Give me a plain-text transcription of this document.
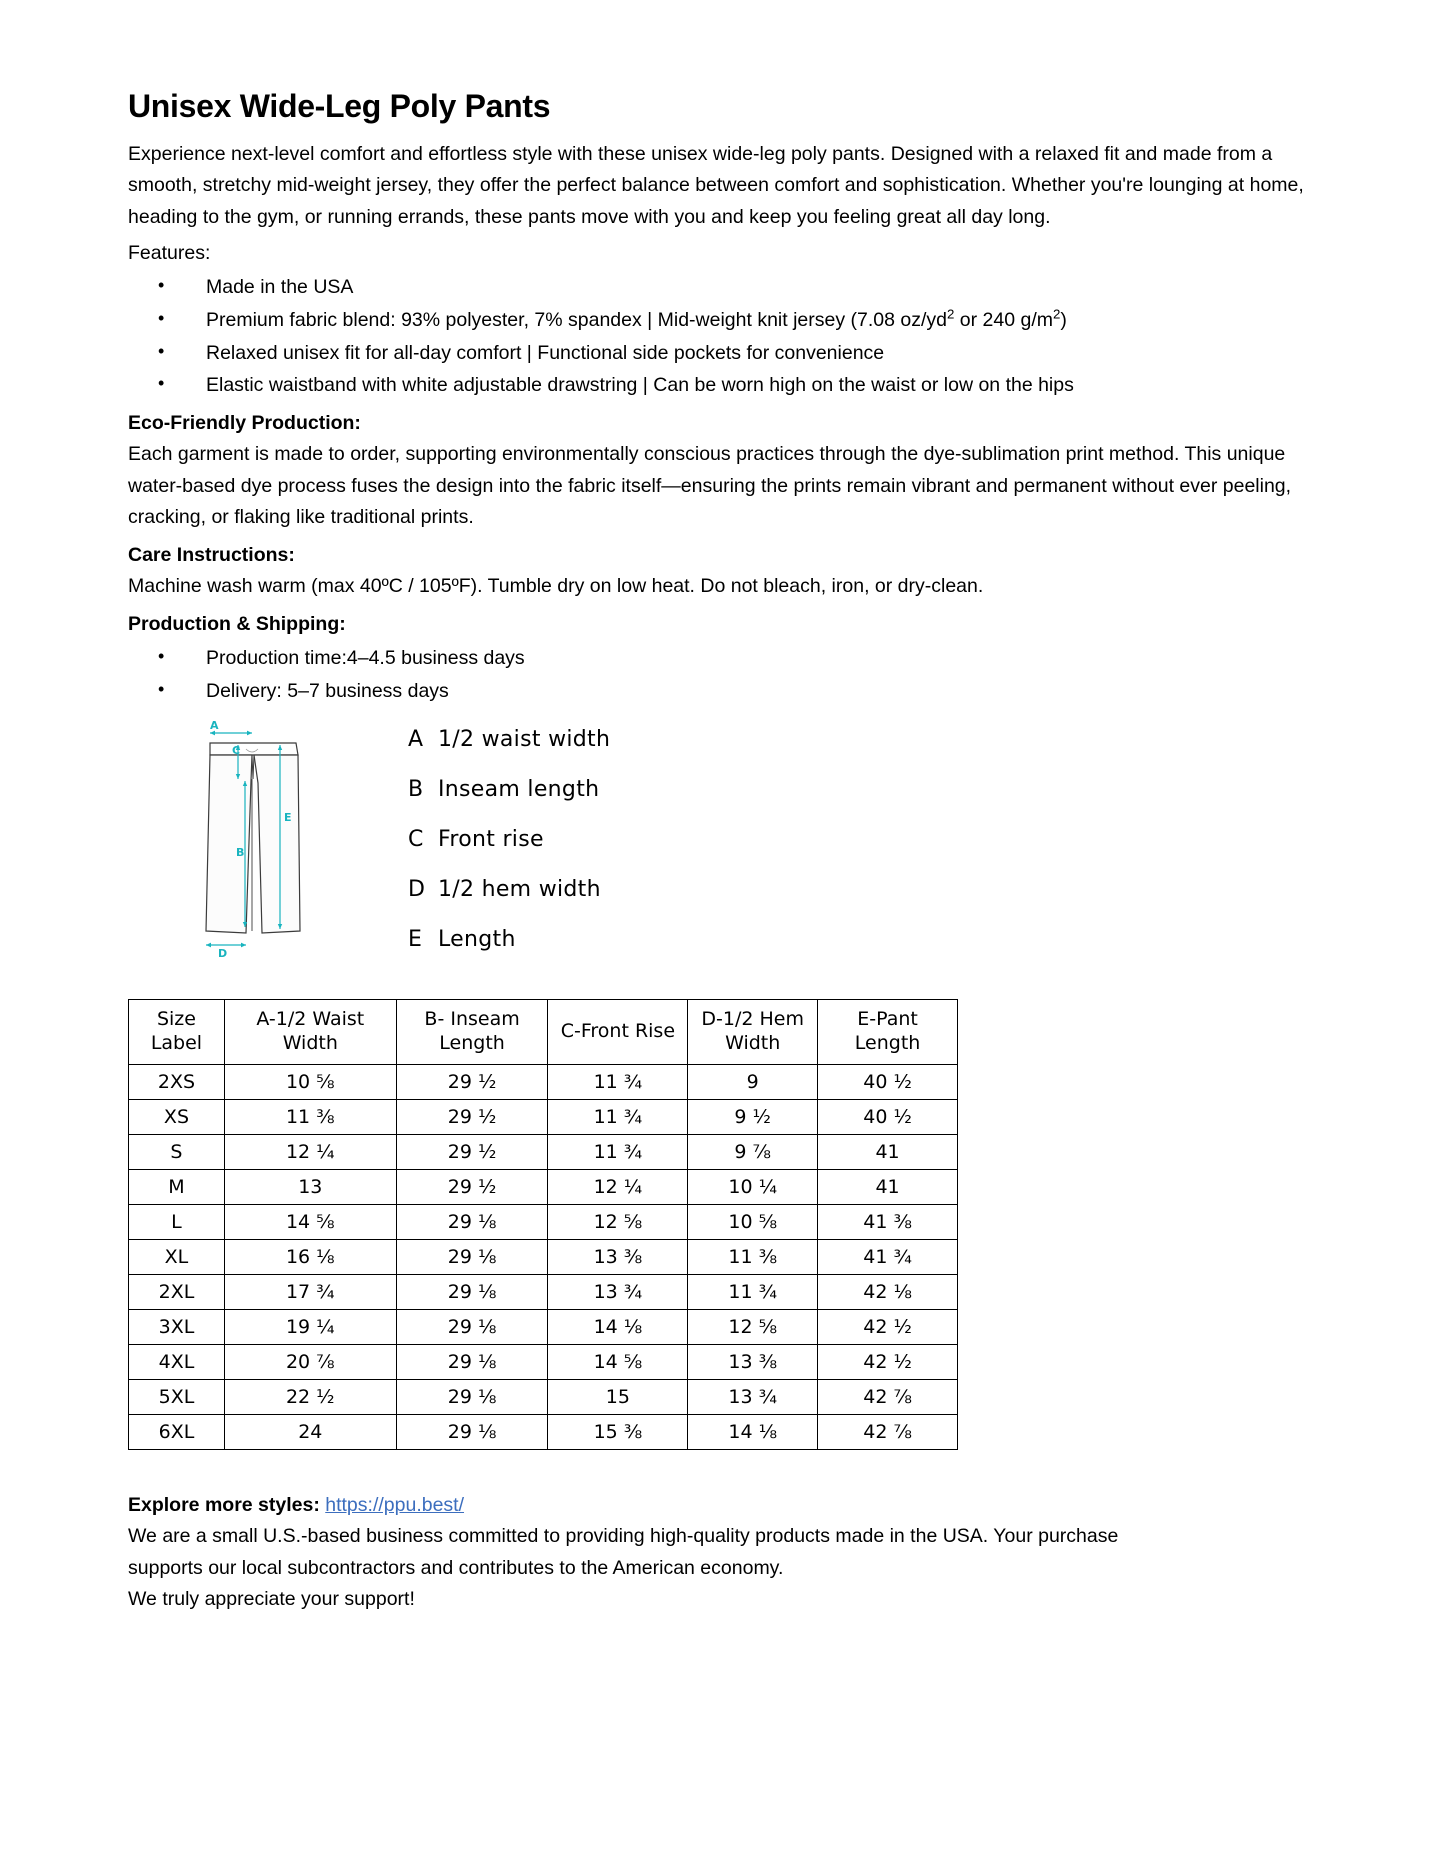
Unisex Wide-Leg Poly Pants

Experience next-level comfort and effortless style with these unisex wide-leg poly pants. Designed with a relaxed fit and made from a smooth, stretchy mid-weight jersey, they offer the perfect balance between comfort and sophistication. Whether you're lounging at home, heading to the gym, or running errands, these pants move with you and keep you feeling great all day long.

Features:
• Made in the USA
• Premium fabric blend: 93% polyester, 7% spandex | Mid-weight knit jersey (7.08 $oz/yd^2$ or 240 $g/m^2$)
• Relaxed unisex fit for all-day comfort | Functional side pockets for convenience
• Elastic waistband with white adjustable drawstring | Can be worn high on the waist or low on the hips
Eco-Friendly Production:

Each garment is made to order, supporting environmentally conscious practices through the dye-sublimation print method. This unique water-based dye process fuses the design into the fabric itself—ensuring the prints remain vibrant and permanent without ever peeling, cracking, or flaking like traditional prints.

Care Instructions:

Machine wash warm (max 40ºC / 105ºF). Tumble dry on low heat. Do not bleach, iron, or dry-clean.

Production & Shipping:
• Production time:4–4.5 business days
• Delivery: 5–7 business days
A
C
E
B
D
A 1/2 waist width
B Inseam length
C Front rise
D 1/2 hem width
E Length
Size Label	A-1/2 Waist Width	B- Inseam Length	C-Front Rise	D-1/2 Hem Width	E-Pant Length
2XS	10 ⅝	29 ½	11 ¾	9	40 ½
XS	11 ⅜	29 ½	11 ¾	9 ½	40 ½
S	12 ¼	29 ½	11 ¾	9 ⅞	41
M	13	29 ½	12 ¼	10 ¼	41
L	14 ⅝	29 ⅛	12 ⅝	10 ⅝	41 ⅜
XL	16 ⅛	29 ⅛	13 ⅜	11 ⅜	41 ¾
2XL	17 ¾	29 ⅛	13 ¾	11 ¾	42 ⅛
3XL	19 ¼	29 ⅛	14 ⅛	12 ⅝	42 ½
4XL	20 ⅞	29 ⅛	14 ⅝	13 ⅜	42 ½
5XL	22 ½	29 ⅛	15	13 ¾	42 ⅞
6XL	24	29 ⅛	15 ⅜	14 ⅛	42 ⅞
Explore more styles: https://ppu.best/

We are a small U.S.-based business committed to providing high-quality products made in the USA. Your purchase

supports our local subcontractors and contributes to the American economy.

We truly appreciate your support!
